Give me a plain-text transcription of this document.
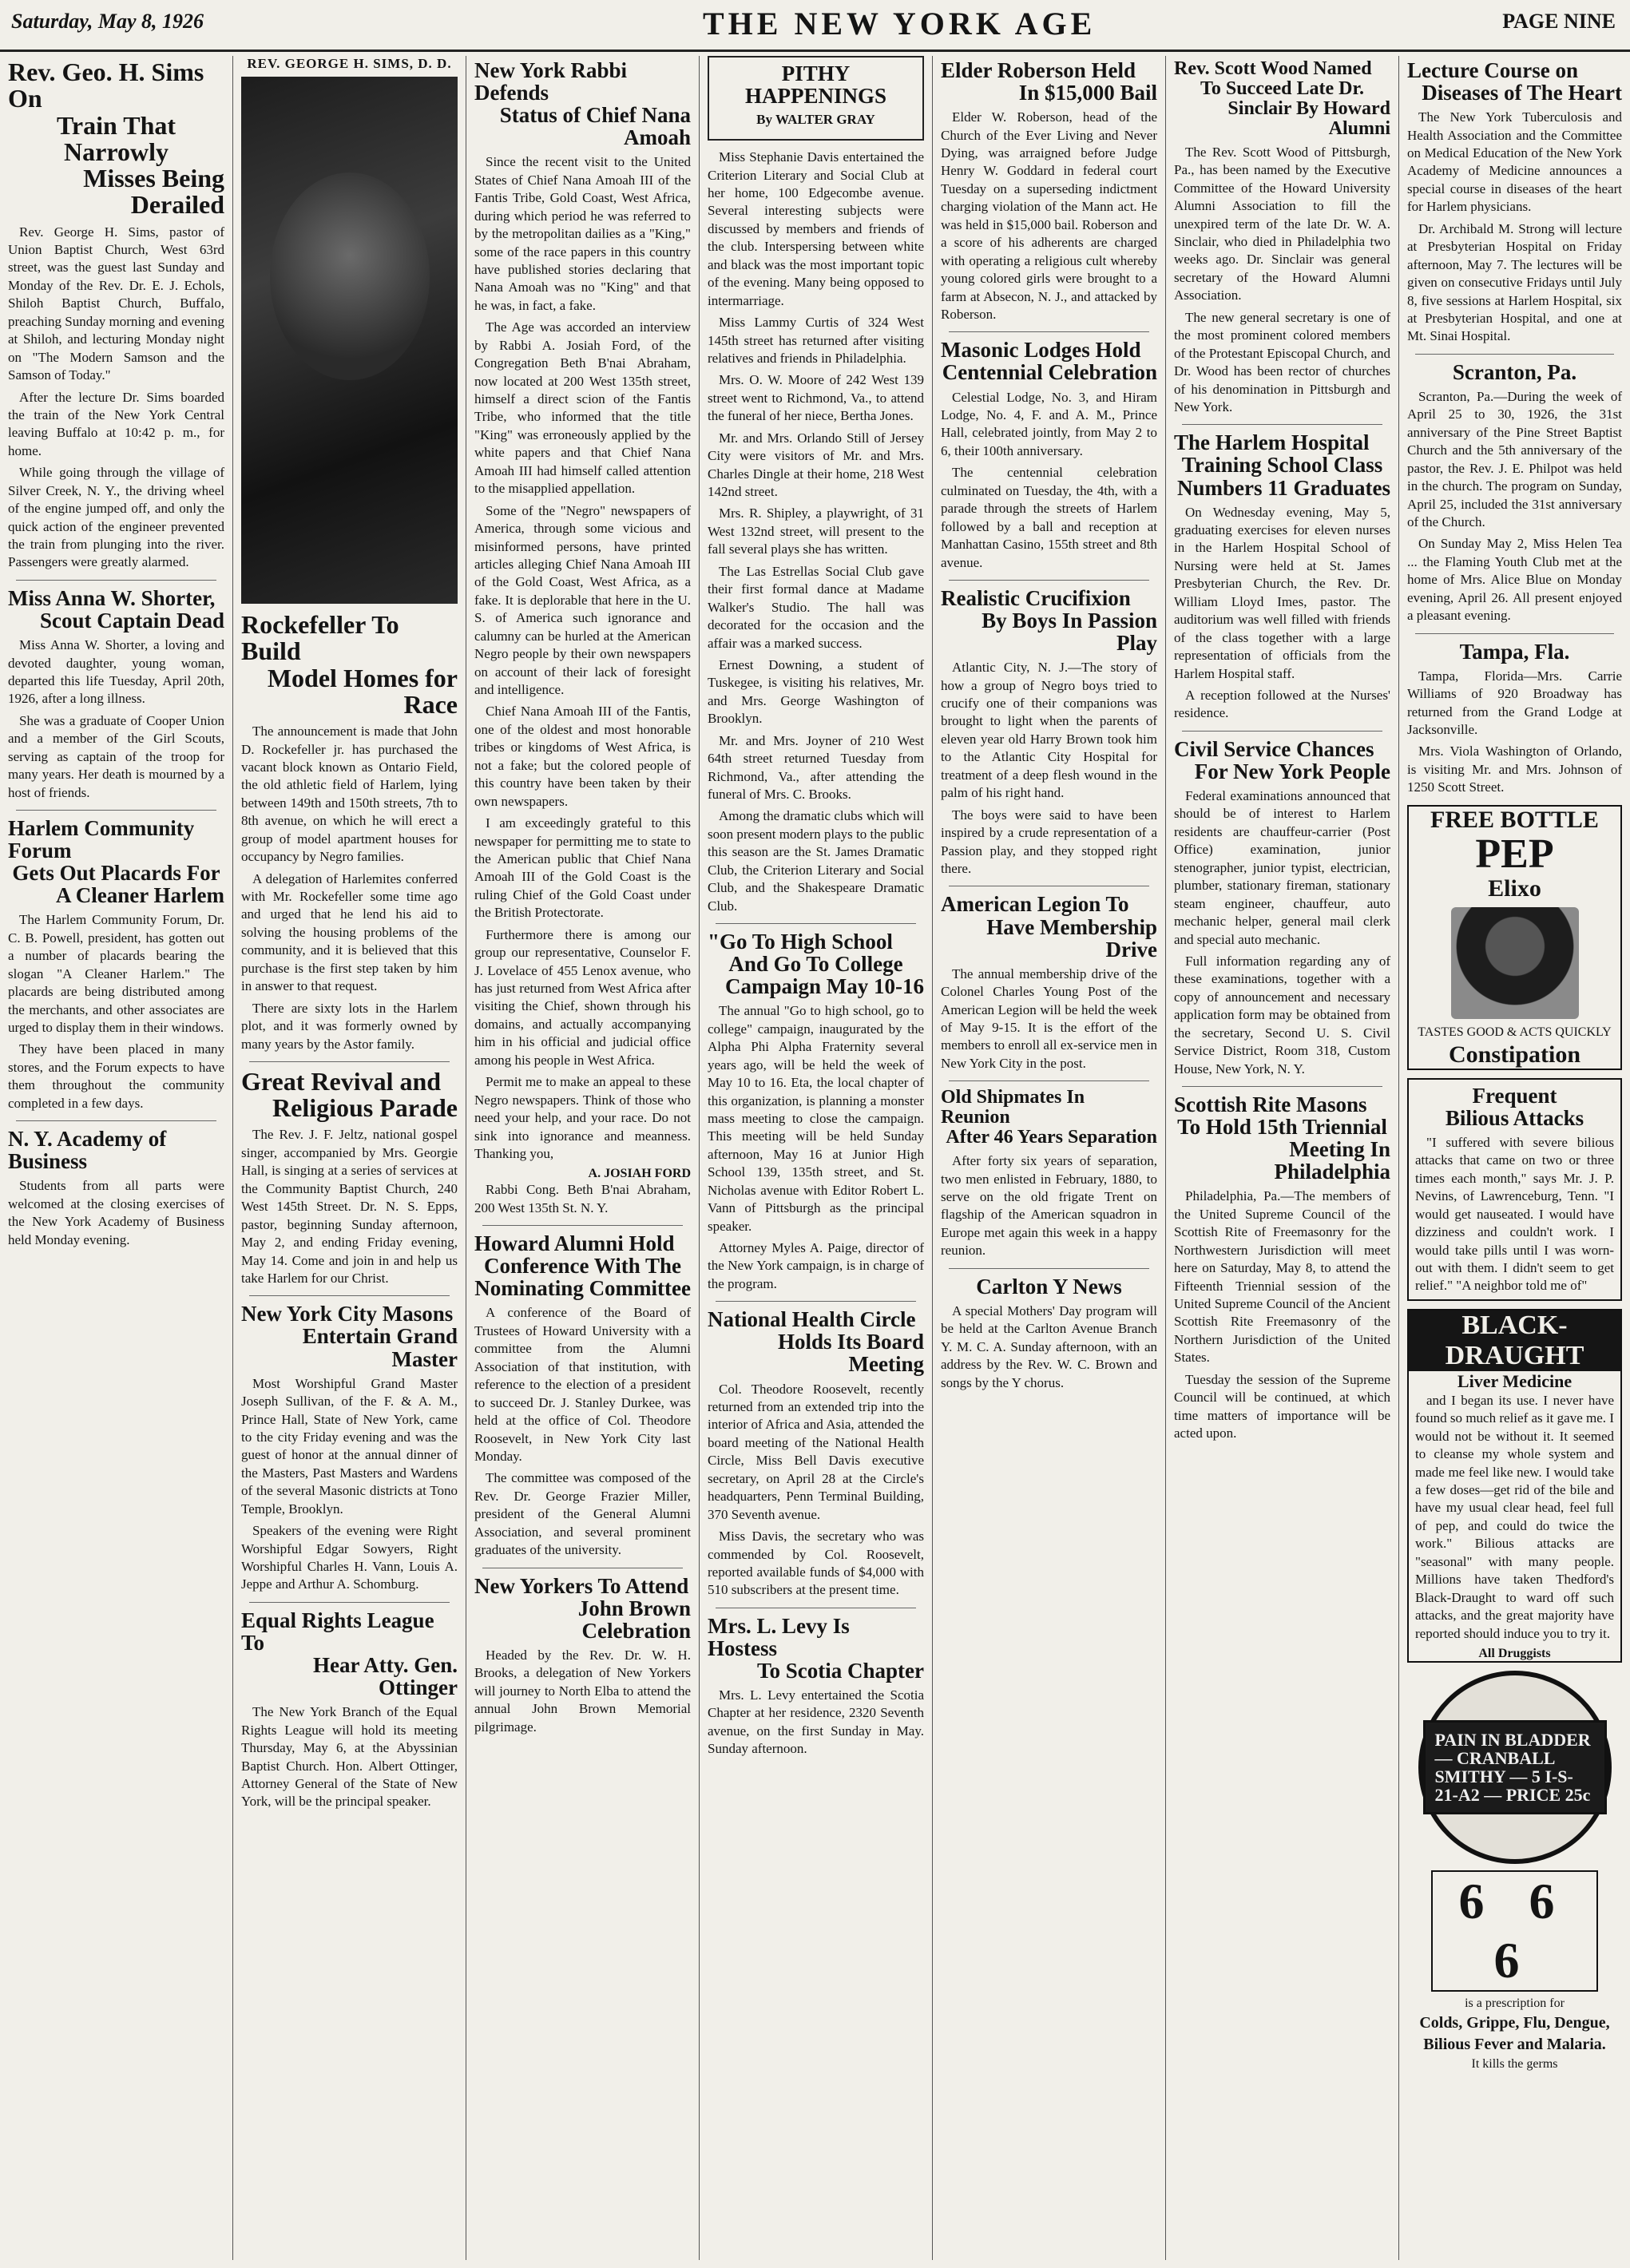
Saturday, May 8, 1926	THE NEW YORK AGE	PAGE NINE
Rev. Geo. H. Sims On
Train That Narrowly
Misses Being Derailed

Rev. George H. Sims, pastor of Union Baptist Church, West 63rd street, was the guest last Sunday and Monday of the Rev. Dr. E. J. Echols, Shiloh Baptist Church, Buffalo, preaching Sunday morning and evening at Shiloh, and lecturing Monday night on "The Modern Samson and the Samson of Today."

After the lecture Dr. Sims boarded the train of the New York Central leaving Buffalo at 10:42 p. m., for home.

While going through the village of Silver Creek, N. Y., the driving wheel of the engine jumped off, and only the quick action of the engineer prevented the train from plunging into the river. Passengers were greatly alarmed.

Miss Anna W. Shorter,
Scout Captain Dead

Miss Anna W. Shorter, a loving and devoted daughter, young woman, departed this life Tuesday, April 20th, 1926, after a long illness.

She was a graduate of Cooper Union and a member of the Girl Scouts, serving as captain of the troop for many years. Her death is mourned by a host of friends.

Harlem Community Forum
Gets Out Placards For
A Cleaner Harlem

The Harlem Community Forum, Dr. C. B. Powell, president, has gotten out a number of placards bearing the slogan "A Cleaner Harlem." The placards are being distributed among the merchants, and other associates are urged to display them in their windows.

They have been placed in many stores, and the Forum expects to have them throughout the community completed in a few days.

N. Y. Academy of Business

Students from all parts were welcomed at the closing exercises of the New York Academy of Business held Monday evening.

REV. GEORGE H. SIMS, D. D.
Rockefeller To Build
Model Homes for Race

The announcement is made that John D. Rockefeller jr. has purchased the vacant block known as Ontario Field, the old athletic field of Harlem, lying between 149th and 150th streets, 7th to 8th avenue, on which he will erect a group of model apartment houses for occupancy by Negro families.

A delegation of Harlemites conferred with Mr. Rockefeller some time ago and urged that he lend his aid to solving the housing problems of the community, and it is believed that this purchase is the first step taken by him in answer to that request.

There are sixty lots in the Harlem plot, and it was formerly owned by many years by the Astor family.

Great Revival and
Religious Parade

The Rev. J. F. Jeltz, national gospel singer, accompanied by Mrs. Georgie Hall, is singing at a series of services at the Community Baptist Church, 240 West 145th Street. Dr. N. S. Epps, pastor, beginning Sunday afternoon, May 2, and ending Friday evening, May 14. Come and join in and help us take Harlem for our Christ.

New York City Masons
Entertain Grand Master

Most Worshipful Grand Master Joseph Sullivan, of the F. & A. M., Prince Hall, State of New York, came to the city Friday evening and was the guest of honor at the annual dinner of the Masters, Past Masters and Wardens of the several Masonic districts at Tono Temple, Brooklyn.

Speakers of the evening were Right Worshipful Edgar Sowyers, Right Worshipful Charles H. Vann, Louis A. Jeppe and Arthur A. Schomburg.

Equal Rights League To
Hear Atty. Gen. Ottinger

The New York Branch of the Equal Rights League will hold its meeting Thursday, May 6, at the Abyssinian Baptist Church. Hon. Albert Ottinger, Attorney General of the State of New York, will be the principal speaker.

New York Rabbi Defends
Status of Chief Nana Amoah

Since the recent visit to the United States of Chief Nana Amoah III of the Fantis Tribe, Gold Coast, West Africa, during which period he was referred to by the metropolitan dailies as a "King," some of the race papers in this country have published stories declaring that Nana Amoah was no "King" and that he was, in fact, a fake.

The Age was accorded an interview by Rabbi A. Josiah Ford, of the Congregation Beth B'nai Abraham, now located at 200 West 135th street, himself a direct scion of the Fantis Tribe, who informed that the title "King" was erroneously applied by the white papers and that Chief Nana Amoah III had himself called attention to the misapplied appellation.

Some of the "Negro" newspapers of America, through some vicious and misinformed persons, have printed articles alleging Chief Nana Amoah III of the Gold Coast, West Africa, as a fake. It is deplorable that here in the U. S. of America such ignorance and calumny can be hurled at the American Negro people by their own newspapers on account of their lack of foresight and intelligence.

Chief Nana Amoah III of the Fantis, one of the oldest and most honorable tribes or kingdoms of West Africa, is not a fake; but the colored people of this country have been taken by their own newspapers.

I am exceedingly grateful to this newspaper for permitting me to state to the American public that Chief Nana Amoah III of the Gold Coast is the ruling Chief of the Gold Coast under the British Protectorate.

Furthermore there is among our group our representative, Counselor F. J. Lovelace of 455 Lenox avenue, who has just returned from West Africa after visiting the Chief, shown through his domains, and actually accompanying him in his official and judicial office among his people in West Africa.

Permit me to make an appeal to these Negro newspapers. Think of those who need your help, and your race. Do not sink into ignorance and meanness. Thanking you,

A. JOSIAH FORD

Rabbi Cong. Beth B'nai Abraham, 200 West 135th St. N. Y.

Howard Alumni Hold
Conference With The
Nominating Committee

A conference of the Board of Trustees of Howard University with a committee from the Alumni Association of that institution, with reference to the election of a president to succeed Dr. J. Stanley Durkee, was held at the office of Col. Theodore Roosevelt, in New York City last Monday.

The committee was composed of the Rev. Dr. George Frazier Miller, president of the General Alumni Association, and several prominent graduates of the university.

New Yorkers To Attend
John Brown Celebration

Headed by the Rev. Dr. W. H. Brooks, a delegation of New Yorkers will journey to North Elba to attend the annual John Brown Memorial pilgrimage.

PITHY HAPPENINGS
By WALTER GRAY

Miss Stephanie Davis entertained the Criterion Literary and Social Club at her home, 100 Edgecombe avenue. Several interesting subjects were discussed by members and friends of the club. Interspersing between white and black was the most important topic of the evening. Many being opposed to intermarriage.

Miss Lammy Curtis of 324 West 145th street has returned after visiting relatives and friends in Philadelphia.

Mrs. O. W. Moore of 242 West 139 street went to Richmond, Va., to attend the funeral of her niece, Bertha Jones.

Mr. and Mrs. Orlando Still of Jersey City were visitors of Mr. and Mrs. Charles Dingle at their home, 218 West 142nd street.

Mrs. R. Shipley, a playwright, of 31 West 132nd street, will present to the fall several plays she has written.

The Las Estrellas Social Club gave their first formal dance at Madame Walker's Studio. The hall was decorated for the occasion and the affair was a marked success.

Ernest Downing, a student of Tuskegee, is visiting his relatives, Mr. and Mrs. George Washington of Brooklyn.

Mr. and Mrs. Joyner of 210 West 64th street returned Tuesday from Richmond, Va., after attending the funeral of Mrs. C. Brooks.

Among the dramatic clubs which will soon present modern plays to the public this season are the St. James Dramatic Club, the Criterion Literary and Social Club, and the Shakespeare Dramatic Club.

"Go To High School
And Go To College
Campaign May 10-16

The annual "Go to high school, go to college" campaign, inaugurated by the Alpha Phi Alpha Fraternity several years ago, will be held the week of May 10 to 16. Eta, the local chapter of this organization, is planning a monster mass meeting to close the campaign. This meeting will be held Sunday afternoon, May 16 at Junior High School 139, 135th street, and St. Nicholas avenue with Editor Robert L. Vann of Pittsburgh as the principal speaker.

Attorney Myles A. Paige, director of the New York campaign, is in charge of the program.

National Health Circle
Holds Its Board Meeting

Col. Theodore Roosevelt, recently returned from an extended trip into the interior of Africa and Asia, attended the board meeting of the National Health Circle, Miss Bell Davis executive secretary, on April 28 at the Circle's headquarters, Penn Terminal Building, 370 Seventh avenue.

Miss Davis, the secretary who was commended by Col. Roosevelt, reported available funds of $4,000 with 510 subscribers at the present time.

Mrs. L. Levy Is Hostess
To Scotia Chapter

Mrs. L. Levy entertained the Scotia Chapter at her residence, 2320 Seventh avenue, on the first Sunday in May. Sunday afternoon.

Elder Roberson Held
In $15,000 Bail

Elder W. Roberson, head of the Church of the Ever Living and Never Dying, was arraigned before Judge Henry W. Goddard in federal court Tuesday on a superseding indictment charging violation of the Mann act. He was held in $15,000 bail. Roberson and a score of his adherents are charged with operating a religious cult whereby young colored girls were brought to a farm at Absecon, N. J., and attacked by Roberson.

Masonic Lodges Hold
Centennial Celebration

Celestial Lodge, No. 3, and Hiram Lodge, No. 4, F. and A. M., Prince Hall, celebrated jointly, from May 2 to 6, their 100th anniversary.

The centennial celebration culminated on Tuesday, the 4th, with a parade through the streets of Harlem followed by a ball and reception at Manhattan Casino, 155th street and 8th avenue.

Realistic Crucifixion
By Boys In Passion Play

Atlantic City, N. J.—The story of how a group of Negro boys tried to crucify one of their companions was brought to light when the parents of eleven year old Harry Brown took him to the Atlantic City Hospital for treatment of a deep flesh wound in the palm of his right hand.

The boys were said to have been inspired by a crude representation of a Passion play, and they stopped right there.

American Legion To
Have Membership Drive

The annual membership drive of the Colonel Charles Young Post of the American Legion will be held the week of May 9-15. It is the effort of the members to enroll all ex-service men in New York City in the post.

Old Shipmates In Reunion
After 46 Years Separation

After forty six years of separation, two men enlisted in February, 1880, to serve on the old frigate Trent on flagship of the American squadron in Europe met again this week in a happy reunion.

Carlton Y News

A special Mothers' Day program will be held at the Carlton Avenue Branch Y. M. C. A. Sunday afternoon, with an address by the Rev. W. C. Brown and songs by the Y chorus.

Rev. Scott Wood Named
To Succeed Late Dr.
Sinclair By Howard Alumni

The Rev. Scott Wood of Pittsburgh, Pa., has been named by the Executive Committee of the Howard University Alumni Association to fill the unexpired term of the late Dr. W. A. Sinclair, who died in Philadelphia two weeks ago. Dr. Sinclair was general secretary of the Howard Alumni Association.

The new general secretary is one of the most prominent colored members of the Protestant Episcopal Church, and Dr. Wood has been rector of churches of his denomination in Pittsburgh and New York.

The Harlem Hospital
Training School Class
Numbers 11 Graduates

On Wednesday evening, May 5, graduating exercises for eleven nurses in the Harlem Hospital School of Nursing were held at St. James Presbyterian Church, the Rev. Dr. William Lloyd Imes, pastor. The auditorium was well filled with friends of the class together with a large representation of officials from the Harlem Hospital staff.

A reception followed at the Nurses' residence.

Civil Service Chances
For New York People

Federal examinations announced that should be of interest to Harlem residents are chauffeur-carrier (Post Office) examination, junior stenographer, junior typist, electrician, plumber, stationary fireman, stationary steam engineer, chauffeur, auto mechanic helper, general mail clerk and special auto mechanic.

Full information regarding any of these examinations, together with a copy of announcement and necessary application form may be obtained from the secretary, Second U. S. Civil Service District, Room 318, Custom House, New York, N. Y.

Scottish Rite Masons
To Hold 15th Triennial
Meeting In Philadelphia

Philadelphia, Pa.—The members of the United Supreme Council of the Scottish Rite of Freemasonry for the Northwestern Jurisdiction will meet here on Saturday, May 8, to attend the Fifteenth Triennial session of the United Supreme Council of the Ancient Scottish Rite Freemasonry of the Northern Jurisdiction of the United States.

Tuesday the session of the Supreme Council will be continued, at which time matters of importance will be acted upon.

Lecture Course on
Diseases of The Heart

The New York Tuberculosis and Health Association and the Committee on Medical Education of the New York Academy of Medicine announces a special course in diseases of the heart for Harlem physicians.

Dr. Archibald M. Strong will lecture at Presbyterian Hospital on Friday afternoon, May 7. The lectures will be given on consecutive Fridays until July 8, five sessions at Harlem Hospital, six at Presbyterian Hospital, and one at Mt. Sinai Hospital.

Scranton, Pa.

Scranton, Pa.—During the week of April 25 to 30, 1926, the 31st anniversary of the Pine Street Baptist Church and the 5th anniversary of the pastor, the Rev. J. E. Philpot was held in the church. The program on Sunday, April 25, included the 31st anniversary of the Church.

On Sunday May 2, Miss Helen Tea ... the Flaming Youth Club met at the home of Mrs. Alice Blue on Monday evening, April 26. All present enjoyed a pleasant evening.

Tampa, Fla.

Tampa, Florida—Mrs. Carrie Williams of 920 Broadway has returned from the Grand Lodge at Jacksonville.

Mrs. Viola Washington of Orlando, is visiting Mr. and Mrs. Johnson of 1250 Scott Street.

FREE BOTTLE
PEP
Elixo
TASTES GOOD & ACTS QUICKLY
Constipation
Frequent
Bilious Attacks

"I suffered with severe bilious attacks that came on two or three times each month," says Mr. J. P. Nevins, of Lawrenceburg, Tenn. "I would get nauseated. I would have dizziness and couldn't work. I would take pills until I was worn-out with them. I didn't seem to get relief." "A neighbor told me of"

BLACK-DRAUGHT
Liver Medicine

and I began its use. I never have found so much relief as it gave me. I would not be without it. It seemed to cleanse my whole system and made me feel like new. I would take a few doses—get rid of the bile and have my usual clear head, feel full of pep, and could do twice the work." Bilious attacks are "seasonal" with many people. Millions have taken Thedford's Black-Draught to ward off such attacks, and the great majority have reported should induce you to try it.

All Druggists
PAIN IN BLADDER — CRANBALL SMITHY — 5 I-S-21-A2 — PRICE 25c
6 6 6
is a prescription for
Colds, Grippe, Flu, Dengue,
Bilious Fever and Malaria.
It kills the germs
